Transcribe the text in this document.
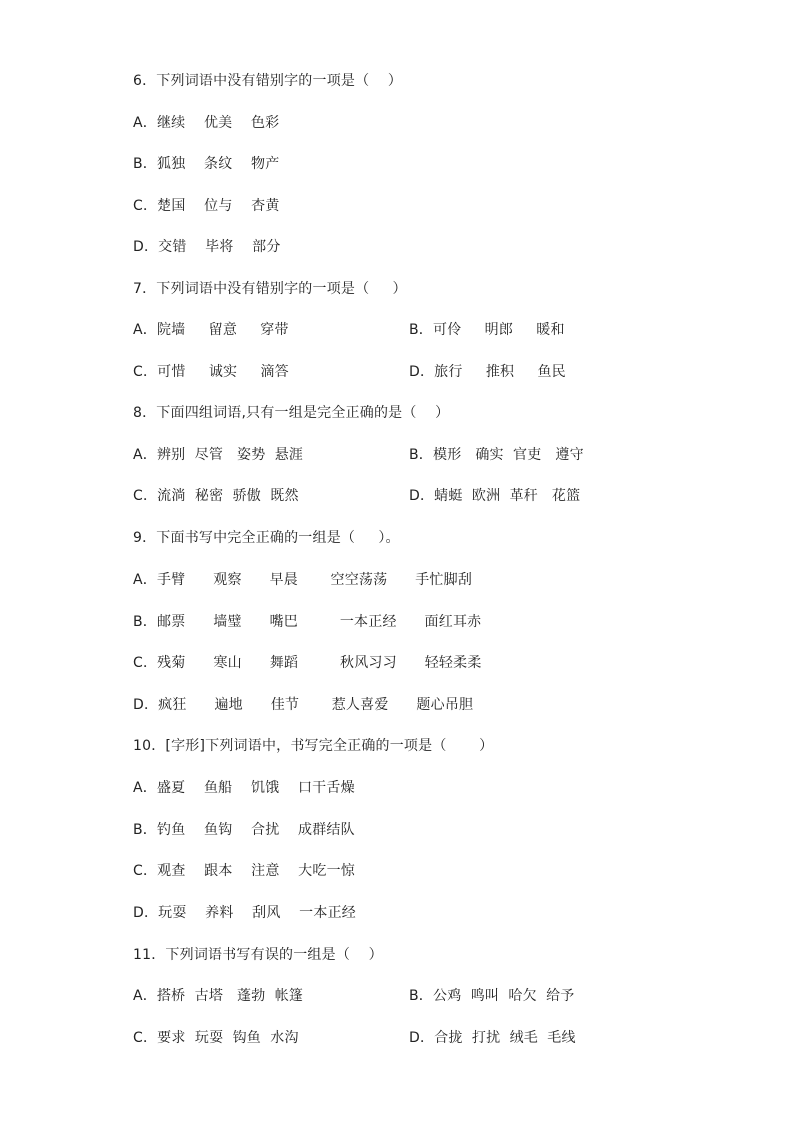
6．下列词语中没有错别字的一项是（    ）
A．继续    优美    色彩
B．狐独    条纹    物产
C．楚国    位与    杏黄
D．交错    毕将    部分
7．下列词语中没有错别字的一项是（     ）
A．院墙     留意     穿带	B．可伶     明郎     暖和
C．可惜     诚实     滴答	D．旅行     推积     鱼民
8．下面四组词语,只有一组是完全正确的是（    ）
A．辨别  尽管   姿势  悬涯	B．模形   确实  官吏   遵守
C．流淌  秘密  骄傲  既然	D．蜻蜓  欧洲  革秆   花篮
9．下面书写中完全正确的一组是（     ）。
A．手臂      观察      早晨       空空荡荡      手忙脚刮
B．邮票      墙璧      嘴巴         一本正经      面红耳赤
C．残菊      寒山      舞蹈         秋风习习      轻轻柔柔
D．疯狂      遍地      佳节       惹人喜爱      题心吊胆
10．[字形]下列词语中，书写完全正确的一项是（       ）
A．盛夏    鱼船    饥饿    口干舌燥
B．钓鱼    鱼钩    合扰    成群结队
C．观查    跟本    注意    大吃一惊
D．玩耍    养料    刮风    一本正经
11．下列词语书写有误的一组是（    ）
A．搭桥  古塔   蓬勃  帐篷	B．公鸡  鸣叫  哈欠  给予
C．要求  玩耍  钩鱼  水沟	D．合拢  打扰  绒毛  毛线
